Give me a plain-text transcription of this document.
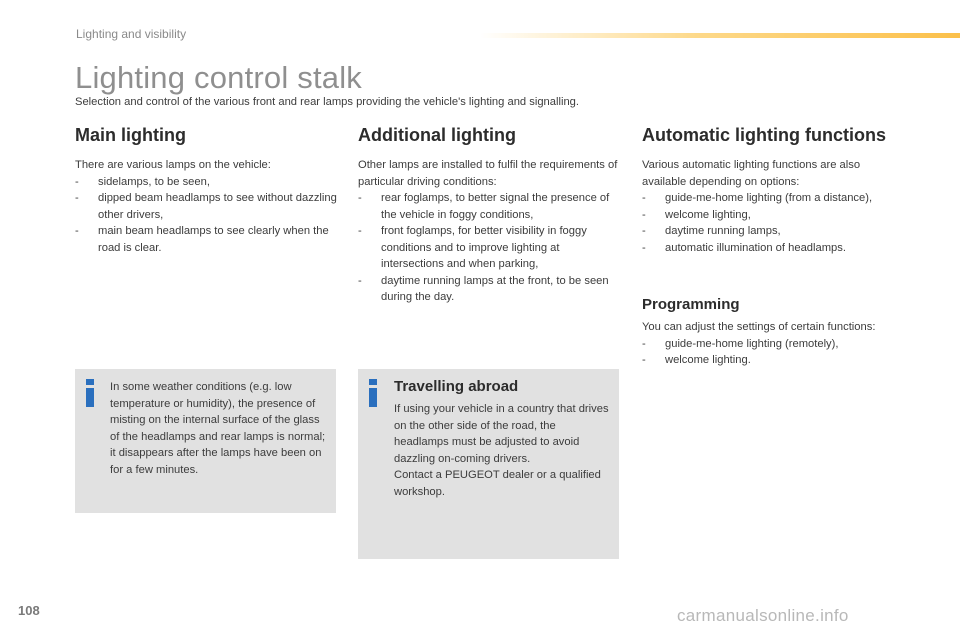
Lighting and visibility
Lighting control stalk
Selection and control of the various front and rear lamps providing the vehicle's lighting and signalling.
Main lighting

There are various lamps on the vehicle:

- sidelamps, to be seen,
- dipped beam headlamps to see without dazzling other drivers,
- main beam headlamps to see clearly when the road is clear.
Additional lighting

Other lamps are installed to fulfil the requirements of particular driving conditions:

- rear foglamps, to better signal the presence of the vehicle in foggy conditions,
- front foglamps, for better visibility in foggy conditions and to improve lighting at intersections and when parking,
- daytime running lamps at the front, to be seen during the day.
Automatic lighting functions

Various automatic lighting functions are also available depending on options:

- guide-me-home lighting (from a distance),
- welcome lighting,
- daytime running lamps,
- automatic illumination of headlamps.
Programming

You can adjust the settings of certain functions:

- guide-me-home lighting (remotely),
- welcome lighting.
In some weather conditions (e.g. low temperature or humidity), the presence of misting on the internal surface of the glass of the headlamps and rear lamps is normal; it disappears after the lamps have been on for a few minutes.
Travelling abroad

If using your vehicle in a country that drives on the other side of the road, the headlamps must be adjusted to avoid dazzling on-coming drivers.

Contact a PEUGEOT dealer or a qualified workshop.

108	carmanualsonline.info
